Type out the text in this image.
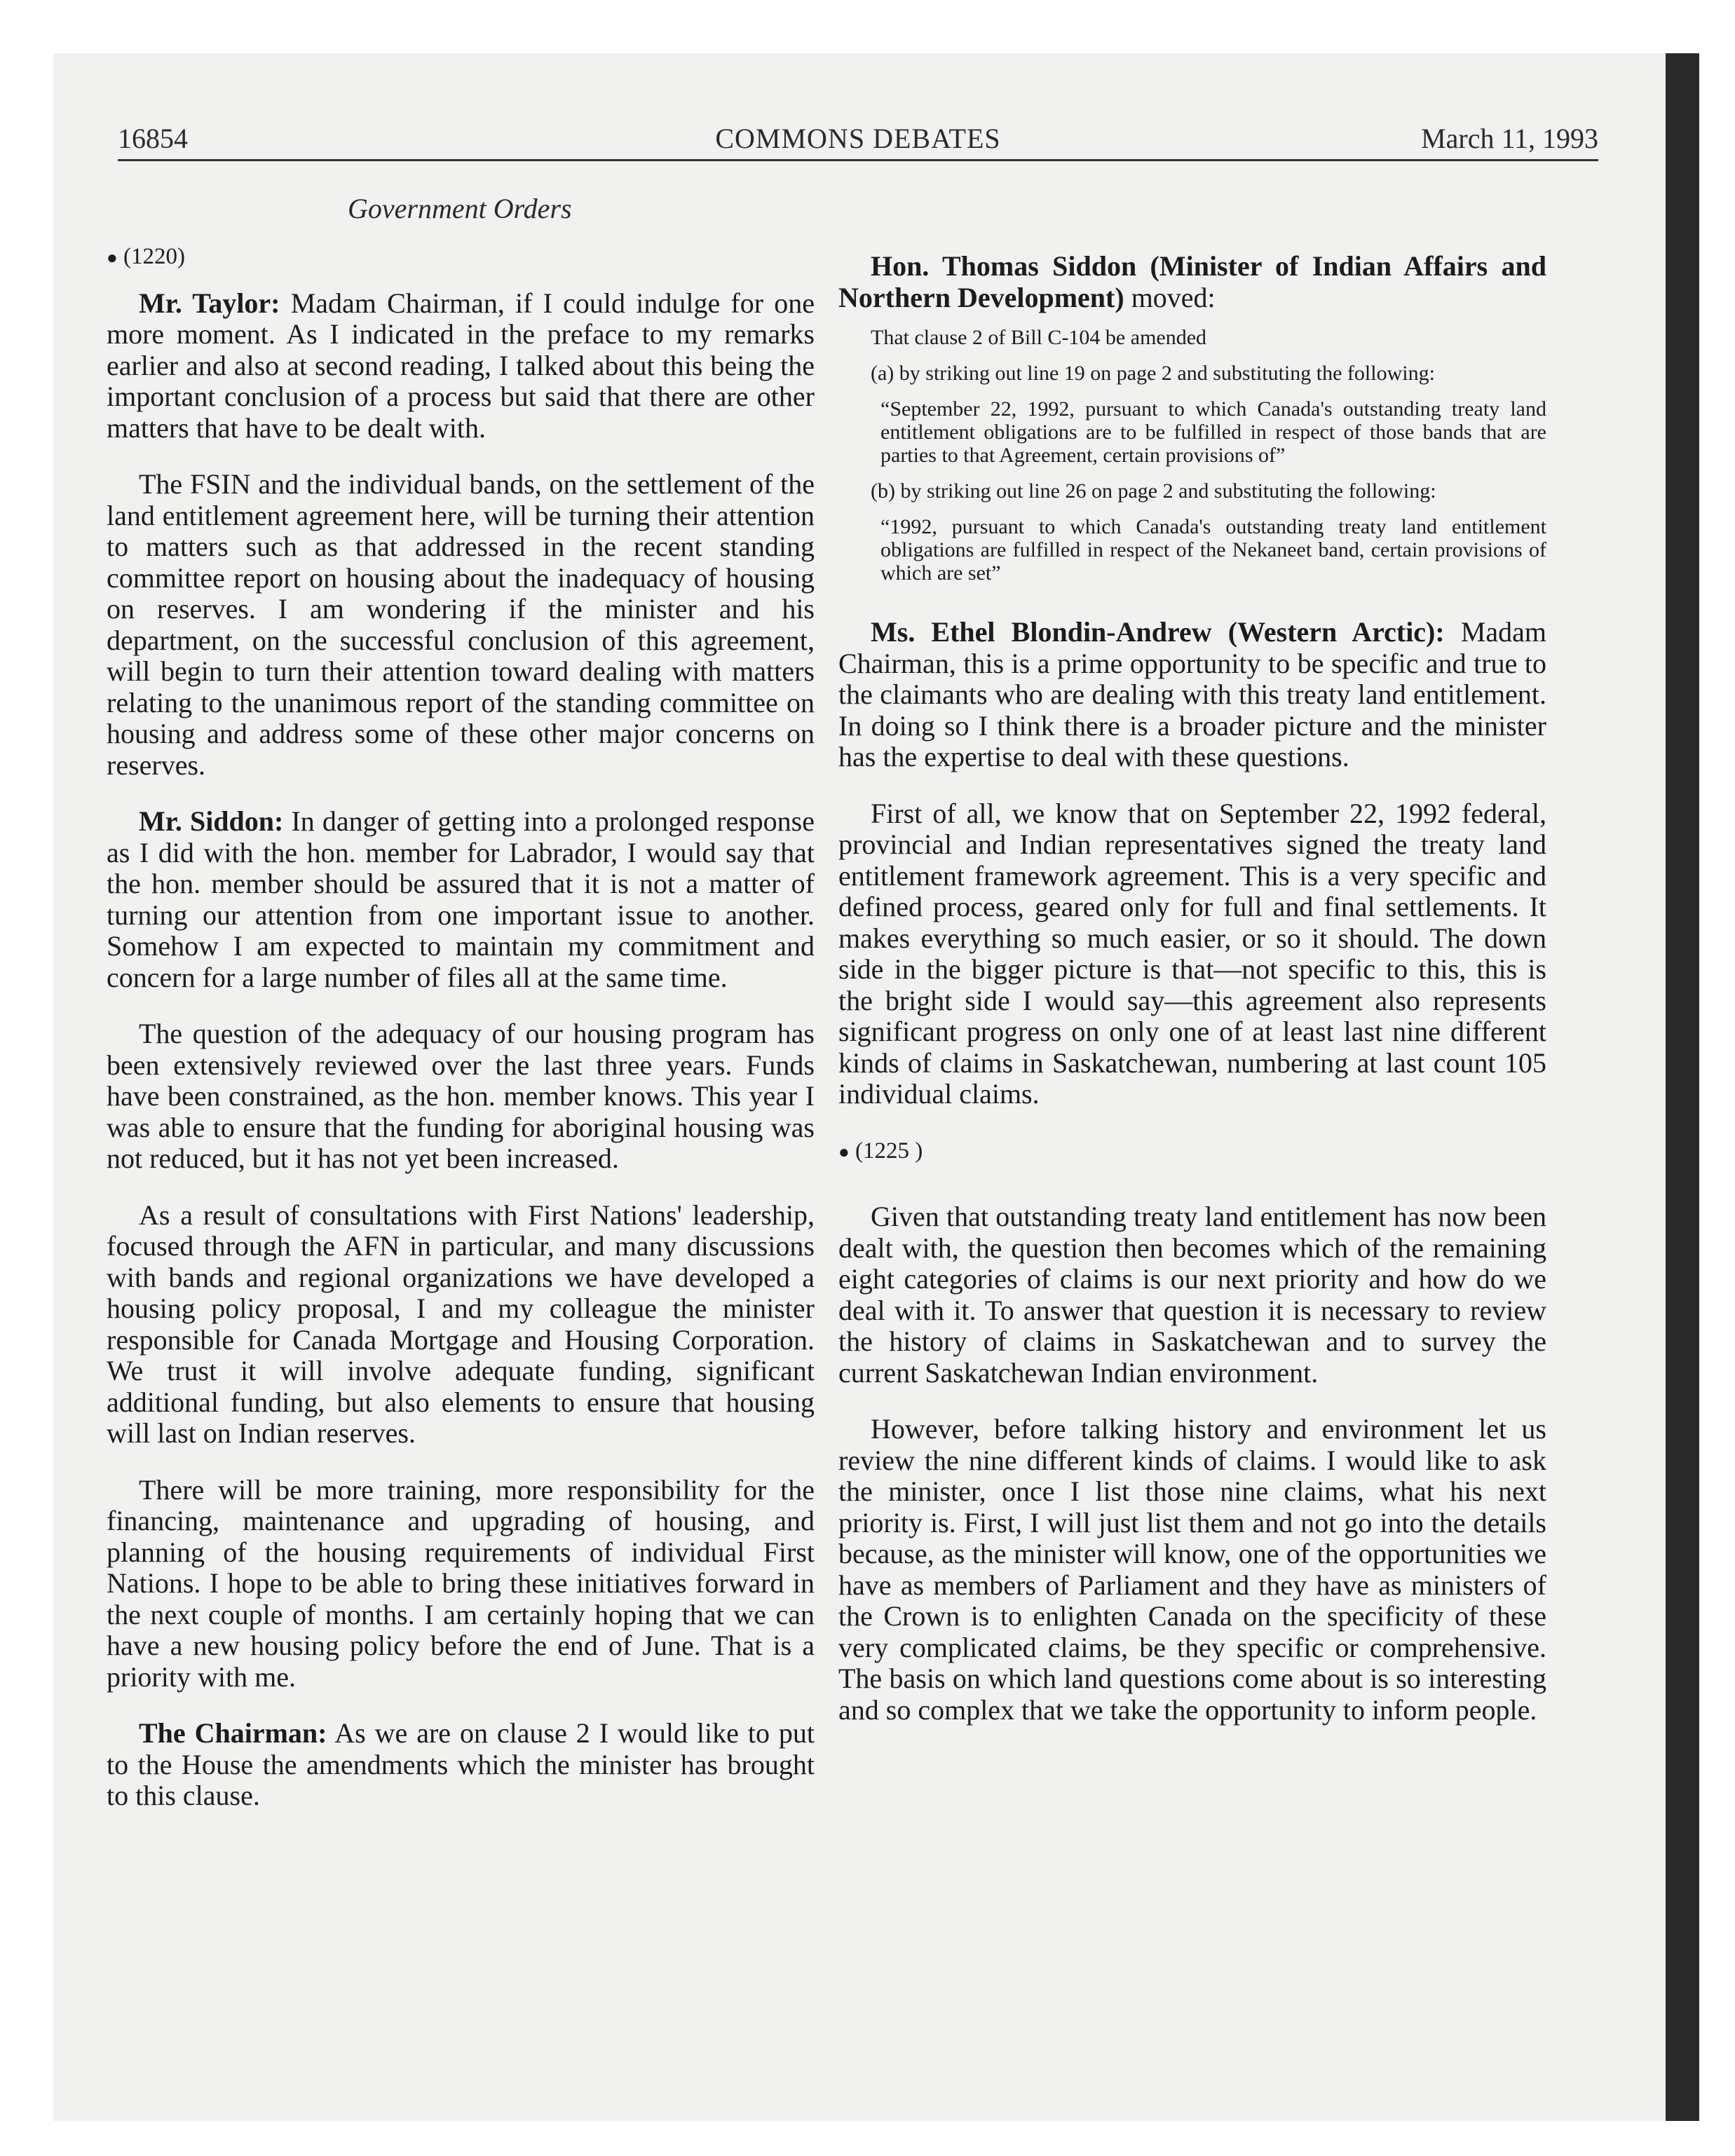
16854	COMMONS DEBATES	March 11, 1993
Government Orders

● (1220)

Mr. Taylor: Madam Chairman, if I could indulge for one more moment. As I indicated in the preface to my remarks earlier and also at second reading, I talked about this being the important conclusion of a process but said that there are other matters that have to be dealt with.

The FSIN and the individual bands, on the settlement of the land entitlement agreement here, will be turning their attention to matters such as that addressed in the recent standing committee report on housing about the inadequacy of housing on reserves. I am wondering if the minister and his department, on the successful conclusion of this agreement, will begin to turn their attention toward dealing with matters relating to the unanimous report of the standing committee on housing and address some of these other major concerns on reserves.

Mr. Siddon: In danger of getting into a prolonged response as I did with the hon. member for Labrador, I would say that the hon. member should be assured that it is not a matter of turning our attention from one important issue to another. Somehow I am expected to maintain my commitment and concern for a large number of files all at the same time.

The question of the adequacy of our housing program has been extensively reviewed over the last three years. Funds have been constrained, as the hon. member knows. This year I was able to ensure that the funding for aboriginal housing was not reduced, but it has not yet been increased.

As a result of consultations with First Nations' leadership, focused through the AFN in particular, and many discussions with bands and regional organizations we have developed a housing policy proposal, I and my colleague the minister responsible for Canada Mortgage and Housing Corporation. We trust it will involve adequate funding, significant additional funding, but also elements to ensure that housing will last on Indian reserves.

There will be more training, more responsibility for the financing, maintenance and upgrading of housing, and planning of the housing requirements of individual First Nations. I hope to be able to bring these initiatives forward in the next couple of months. I am certainly hoping that we can have a new housing policy before the end of June. That is a priority with me.

The Chairman: As we are on clause 2 I would like to put to the House the amendments which the minister has brought to this clause.

Hon. Thomas Siddon (Minister of Indian Affairs and Northern Development) moved:

That clause 2 of Bill C-104 be amended

(a) by striking out line 19 on page 2 and substituting the following:

“September 22, 1992, pursuant to which Canada's outstanding treaty land entitlement obligations are to be fulfilled in respect of those bands that are parties to that Agreement, certain provisions of”

(b) by striking out line 26 on page 2 and substituting the following:

“1992, pursuant to which Canada's outstanding treaty land entitlement obligations are fulfilled in respect of the Nekaneet band, certain provisions of which are set”

Ms. Ethel Blondin-Andrew (Western Arctic): Madam Chairman, this is a prime opportunity to be specific and true to the claimants who are dealing with this treaty land entitlement. In doing so I think there is a broader picture and the minister has the expertise to deal with these questions.

First of all, we know that on September 22, 1992 federal, provincial and Indian representatives signed the treaty land entitlement framework agreement. This is a very specific and defined process, geared only for full and final settlements. It makes everything so much easier, or so it should. The down side in the bigger picture is that—not specific to this, this is the bright side I would say—this agreement also represents significant progress on only one of at least last nine different kinds of claims in Saskatchewan, numbering at last count 105 individual claims.

● (1225 )

Given that outstanding treaty land entitlement has now been dealt with, the question then becomes which of the remaining eight categories of claims is our next priority and how do we deal with it. To answer that question it is necessary to review the history of claims in Saskatchewan and to survey the current Saskatchewan Indian environment.

However, before talking history and environment let us review the nine different kinds of claims. I would like to ask the minister, once I list those nine claims, what his next priority is. First, I will just list them and not go into the details because, as the minister will know, one of the opportunities we have as members of Parliament and they have as ministers of the Crown is to enlighten Canada on the specificity of these very complicated claims, be they specific or comprehensive. The basis on which land questions come about is so interesting and so complex that we take the opportunity to inform people.
